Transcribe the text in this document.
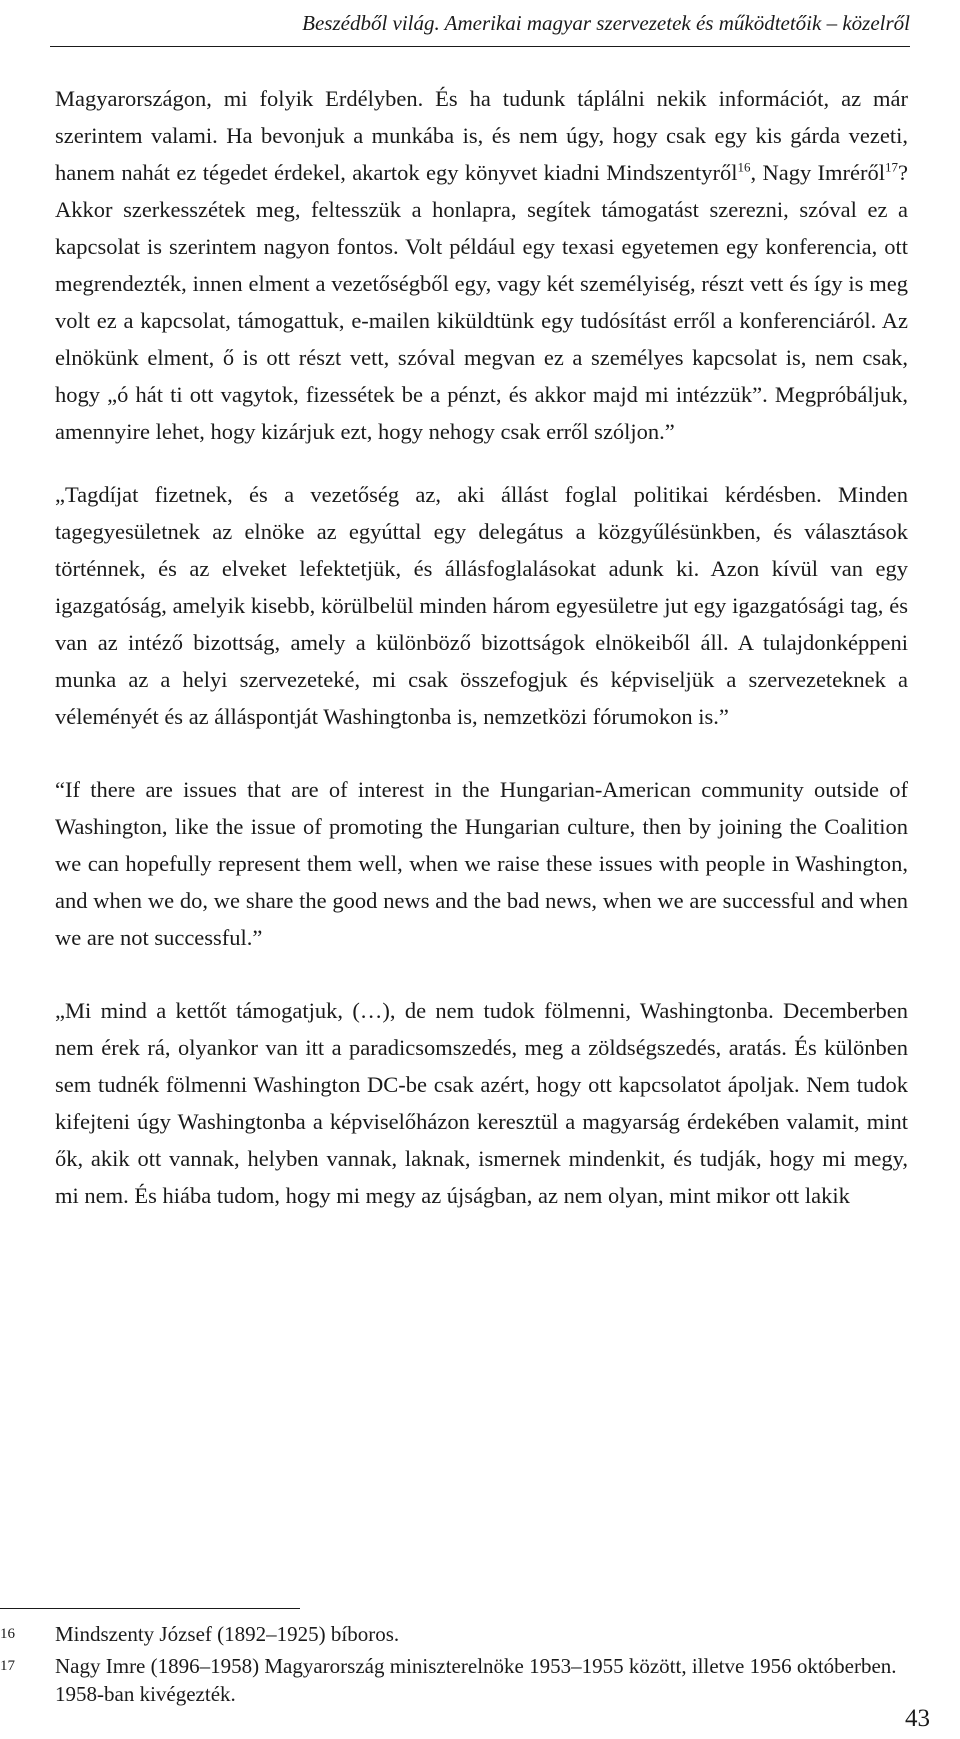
Beszédből világ. Amerikai magyar szervezetek és működtetőik – közelről

Magyarországon, mi folyik Erdélyben. És ha tudunk táplálni nekik információt, az már szerintem valami. Ha bevonjuk a munkába is, és nem úgy, hogy csak egy kis gárda vezeti, hanem nahát ez tégedet érdekel, akartok egy könyvet kiadni Mindszentyről$^{16}$, Nagy Imréről$^{17}$? Akkor szerkesszétek meg, feltesszük a honlapra, segítek támogatást szerezni, szóval ez a kapcsolat is szerintem nagyon fontos. Volt például egy texasi egyetemen egy konferencia, ott megrendezték, innen elment a vezetőségből egy, vagy két személyiség, részt vett és így is meg volt ez a kapcsolat, támogattuk, e-mailen kiküldtünk egy tudósítást erről a konferenciáról. Az elnökünk elment, ő is ott részt vett, szóval megvan ez a személyes kapcsolat is, nem csak, hogy „ó hát ti ott vagytok, fizessétek be a pénzt, és akkor majd mi intézzük”. Megpróbáljuk, amennyire lehet, hogy kizárjuk ezt, hogy nehogy csak erről szóljon.”

„Tagdíjat fizetnek, és a vezetőség az, aki állást foglal politikai kérdésben. Minden tagegyesületnek az elnöke az egyúttal egy delegátus a közgyűlésünkben, és választások történnek, és az elveket lefektetjük, és állásfoglalásokat adunk ki. Azon kívül van egy igazgatóság, amelyik kisebb, körülbelül minden három egyesületre jut egy igazgatósági tag, és van az intéző bizottság, amely a különböző bizottságok elnökeiből áll. A tulajdonképpeni munka az a helyi szervezeteké, mi csak összefogjuk és képviseljük a szervezeteknek a véleményét és az álláspontját Washingtonba is, nemzetközi fórumokon is.”

“If there are issues that are of interest in the Hungarian-American community outside of Washington, like the issue of promoting the Hungarian culture, then by joining the Coalition we can hopefully represent them well, when we raise these issues with people in Washington, and when we do, we share the good news and the bad news, when we are successful and when we are not successful.”

„Mi mind a kettőt támogatjuk, (…), de nem tudok fölmenni, Washingtonba. Decemberben nem érek rá, olyankor van itt a paradicsomszedés, meg a zöldségszedés, aratás. És különben sem tudnék fölmenni Washington DC-be csak azért, hogy ott kapcsolatot ápoljak. Nem tudok kifejteni úgy Washingtonba a képviselőházon keresztül a magyarság érdekében valamit, mint ők, akik ott vannak, helyben vannak, laknak, ismernek mindenkit, és tudják, hogy mi megy, mi nem. És hiába tudom, hogy mi megy az újságban, az nem olyan, mint mikor ott lakik

16	Mindszenty József (1892–1925) bíboros.
17	Nagy Imre (1896–1958) Magyarország miniszterelnöke 1953–1955 között, illetve 1956 októberben. 1958-ban kivégezték.
43
